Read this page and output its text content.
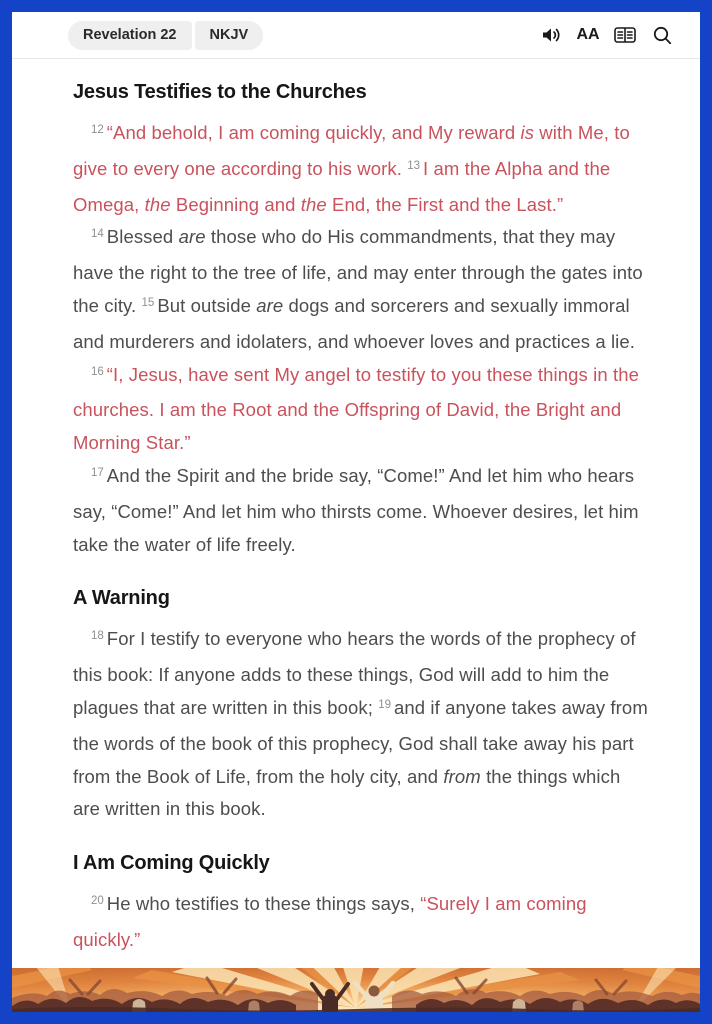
Revelation 22	NKJV	AA
Jesus Testifies to the Churches

$^{12}$ “And behold, I am coming quickly, and My reward is with Me, to give to every one according to his work. $^{13}$ I am the Alpha and the Omega, the Beginning and the End, the First and the Last.”

$^{14}$ Blessed are those who do His commandments, that they may have the right to the tree of life, and may enter through the gates into the city. $^{15}$ But outside are dogs and sorcerers and sexually immoral and murderers and idolaters, and whoever loves and practices a lie.

$^{16}$ “I, Jesus, have sent My angel to testify to you these things in the churches. I am the Root and the Offspring of David, the Bright and Morning Star.”

$^{17}$ And the Spirit and the bride say, “Come!” And let him who hears say, “Come!” And let him who thirsts come. Whoever desires, let him take the water of life freely.

A Warning

$^{18}$ For I testify to everyone who hears the words of the prophecy of this book: If anyone adds to these things, God will add to him the plagues that are written in this book; $^{19}$ and if anyone takes away from the words of the book of this prophecy, God shall take away his part from the Book of Life, from the holy city, and from the things which are written in this book.

I Am Coming Quickly

$^{20}$ He who testifies to these things says, “Surely I am coming quickly.”
